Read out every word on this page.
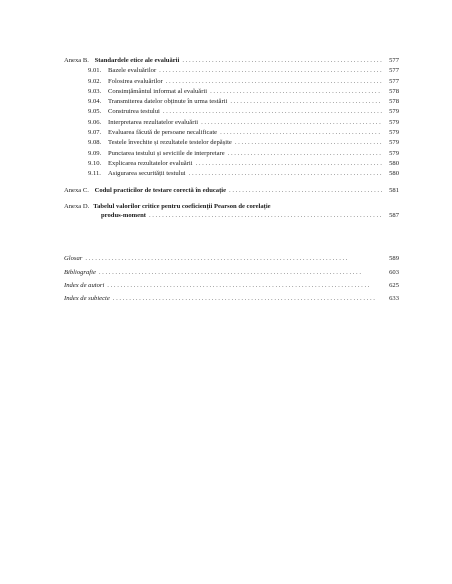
Anexa B. Standardele etice ale evaluării . . .	577
9.01. Bazele evaluărilor . . .	577
9.02. Folosirea evaluărilor . . .	577
9.03. Consimțământul informat al evaluării . . .	578
9.04. Transmiterea datelor obținute în urma testării . . .	578
9.05. Construirea testului . . .	579
9.06. Interpretarea rezultatelor evaluării . . .	579
9.07. Evaluarea făcută de persoane necalificate . . .	579
9.08. Testele învechite și rezultatele testelor depășite . . .	579
9.09. Punctarea testului și seviciile de interpretare . . .	579
9.10. Explicarea rezultatelor evaluării . . .	580
9.11. Asigurarea securității testului . . .	580
Anexa C. Codul practicilor de testare corectă în educație . . .	581
Anexa D. Tabelul valorilor critice pentru coeficienții Pearson de corelație
produs-moment . . .	587
Glosar . . .	589
Bibliografie . . .	603
Index de autori . . .	625
Index de subiecte . . .	633
